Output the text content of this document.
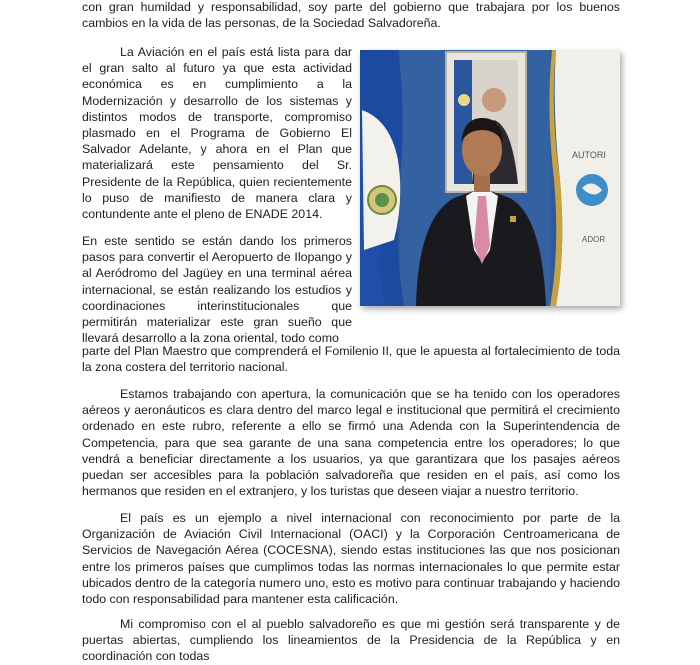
con gran humildad y responsabilidad, soy parte del gobierno que trabajara por los buenos cambios en la vida de las personas, de la Sociedad Salvadoreña.

La Aviación en el país está lista para dar el gran salto al futuro ya que esta actividad económica es en cumplimiento a la Modernización y desarrollo de los sistemas y distintos modos de transporte, compromiso plasmado en el Programa de Gobierno El Salvador Adelante, y ahora en el Plan que materializará este pensamiento del Sr. Presidente de la República, quien recientemente lo puso de manifiesto de manera clara y contundente ante el pleno de ENADE 2014.

En este sentido se están dando los primeros pasos para convertir el Aeropuerto de Ilopango y al Aeródromo del Jagüey en una terminal aérea internacional, se están realizando los estudios y coordinaciones interinstitucionales que permitirán materializar este gran sueño que llevará desarrollo a la zona oriental, todo como

parte del Plan Maestro que comprenderá el Fomilenio II, que le apuesta al fortalecimiento de toda la zona costera del territorio nacional.

Estamos trabajando con apertura, la comunicación que se ha tenido con los operadores aéreos y aeronáuticos es clara dentro del marco legal e institucional que permitirá el crecimiento ordenado en este rubro, referente a ello se firmó una Adenda con la Superintendencia de Competencia, para que sea garante de una sana competencia entre los operadores; lo que vendrá a beneficiar directamente a los usuarios, ya que garantizara que los pasajes aéreos puedan ser accesibles para la población salvadoreña que residen en el país, así como los hermanos que residen en el extranjero, y los turistas que deseen viajar a nuestro territorio.

El país es un ejemplo a nivel internacional con reconocimiento por parte de la Organización de Aviación Civil Internacional (OACI) y la Corporación Centroamericana de Servicios de Navegación Aérea (COCESNA), siendo estas instituciones las que nos posicionan entre los primeros países que cumplimos todas las normas internacionales lo que permite estar ubicados dentro de la categoría numero uno, esto es motivo para continuar trabajando y haciendo todo con responsabilidad para mantener esta calificación.

Mi compromiso con el al pueblo salvadoreño es que mi gestión será transparente y de puertas abiertas, cumpliendo los lineamientos de la Presidencia de la República y en coordinación con todas

AUTORI
ADOR
